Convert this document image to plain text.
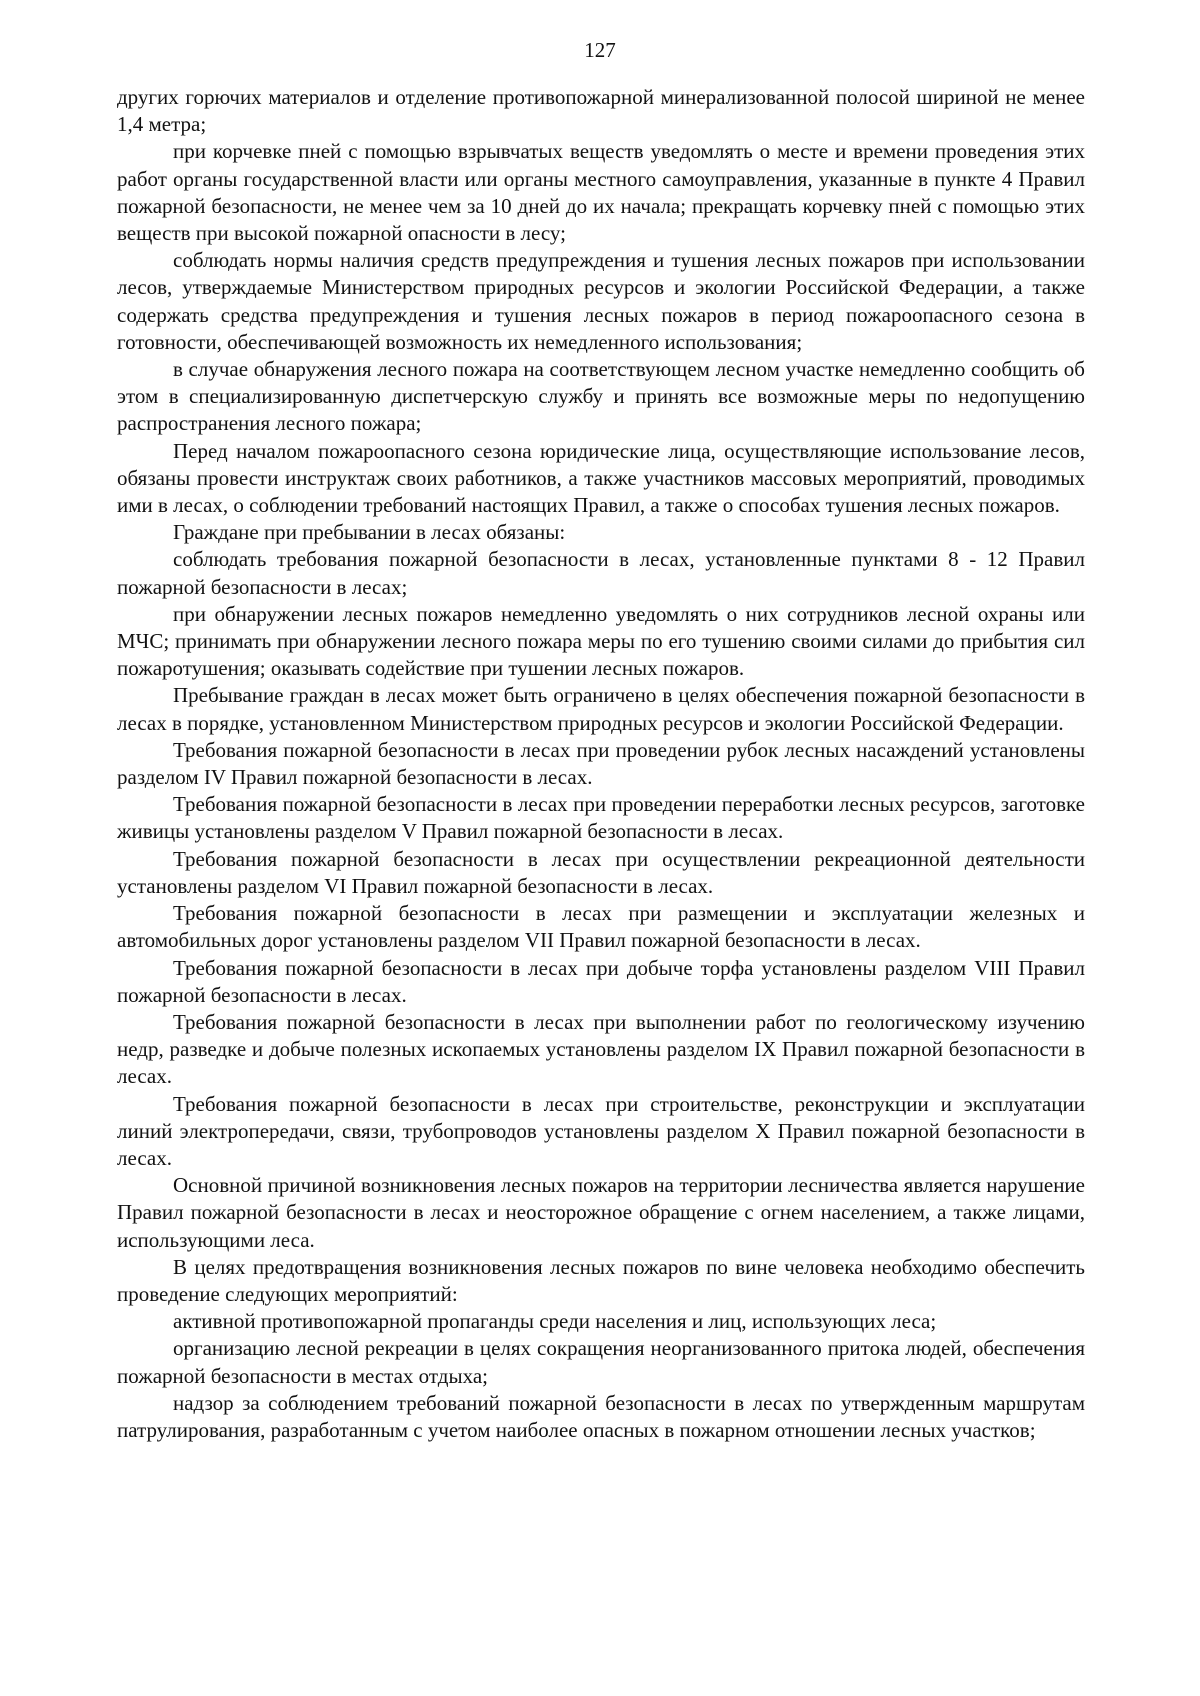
127

других горючих материалов и отделение противопожарной минерализованной полосой шириной не менее 1,4 метра;

при корчевке пней с помощью взрывчатых веществ уведомлять о месте и времени проведения этих работ органы государственной власти или органы местного самоуправления, указанные в пункте 4 Правил пожарной безопасности, не менее чем за 10 дней до их начала; прекращать корчевку пней с помощью этих веществ при высокой пожарной опасности в лесу;

соблюдать нормы наличия средств предупреждения и тушения лесных пожаров при использовании лесов, утверждаемые Министерством природных ресурсов и экологии Российской Федерации, а также содержать средства предупреждения и тушения лесных пожаров в период пожароопасного сезона в готовности, обеспечивающей возможность их немедленного использования;

в случае обнаружения лесного пожара на соответствующем лесном участке немедленно сообщить об этом в специализированную диспетчерскую службу и принять все возможные меры по недопущению распространения лесного пожара;

Перед началом пожароопасного сезона юридические лица, осуществляющие использование лесов, обязаны провести инструктаж своих работников, а также участников массовых мероприятий, проводимых ими в лесах, о соблюдении требований настоящих Правил, а также о способах тушения лесных пожаров.

Граждане при пребывании в лесах обязаны:

соблюдать требования пожарной безопасности в лесах, установленные пунктами 8 - 12 Правил пожарной безопасности в лесах;

при обнаружении лесных пожаров немедленно уведомлять о них сотрудников лесной охраны или МЧС; принимать при обнаружении лесного пожара меры по его тушению своими силами до прибытия сил пожаротушения; оказывать содействие при тушении лесных пожаров.

Пребывание граждан в лесах может быть ограничено в целях обеспечения пожарной безопасности в лесах в порядке, установленном Министерством природных ресурсов и экологии Российской Федерации.

Требования пожарной безопасности в лесах при проведении рубок лесных насаждений установлены разделом IV Правил пожарной безопасности в лесах.

Требования пожарной безопасности в лесах при проведении переработки лесных ресурсов, заготовке живицы установлены разделом V Правил пожарной безопасности в лесах.

Требования пожарной безопасности в лесах при осуществлении рекреационной деятельности установлены разделом VI Правил пожарной безопасности в лесах.

Требования пожарной безопасности в лесах при размещении и эксплуатации железных и автомобильных дорог установлены разделом VII Правил пожарной безопасности в лесах.

Требования пожарной безопасности в лесах при добыче торфа установлены разделом VIII Правил пожарной безопасности в лесах.

Требования пожарной безопасности в лесах при выполнении работ по геологическому изучению недр, разведке и добыче полезных ископаемых установлены разделом IX Правил пожарной безопасности в лесах.

Требования пожарной безопасности в лесах при строительстве, реконструкции и эксплуатации линий электропередачи, связи, трубопроводов установлены разделом X Правил пожарной безопасности в лесах.

Основной причиной возникновения лесных пожаров на территории лесничества является нарушение Правил пожарной безопасности в лесах и неосторожное обращение с огнем населением, а также лицами, использующими леса.

В целях предотвращения возникновения лесных пожаров по вине человека необходимо обеспечить проведение следующих мероприятий:

активной противопожарной пропаганды среди населения и лиц, использующих леса;

организацию лесной рекреации в целях сокращения неорганизованного притока людей, обеспечения пожарной безопасности в местах отдыха;

надзор за соблюдением требований пожарной безопасности в лесах по утвержденным маршрутам патрулирования, разработанным с учетом наиболее опасных в пожарном отношении лесных участков;
